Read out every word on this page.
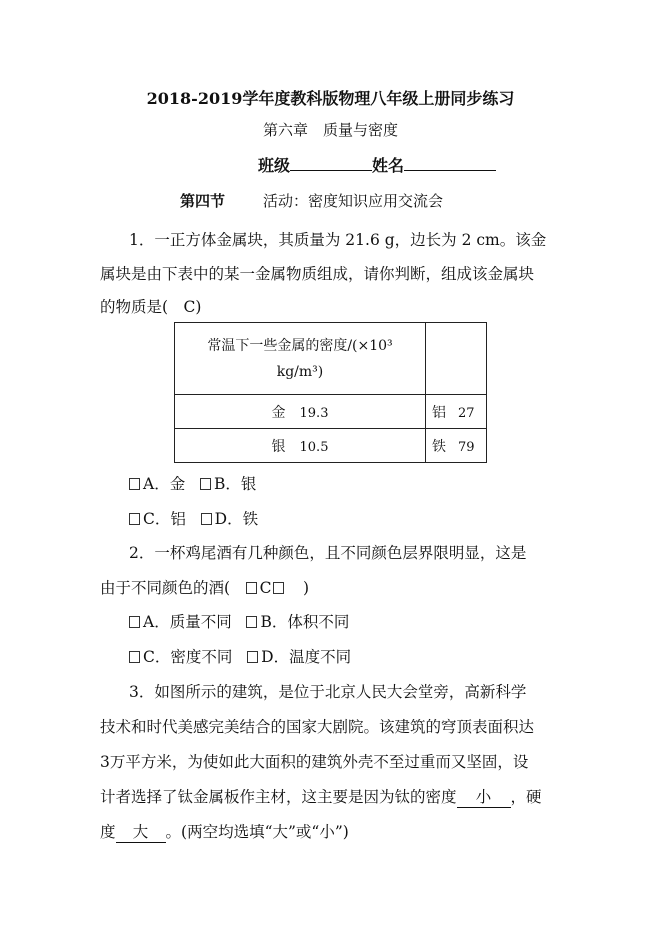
2018-2019学年度教科版物理八年级上册同步练习
第六章　质量与密度
班级	姓名
第四节	活动：密度知识应用交流会
1．一正方体金属块，其质量为 21.6 g，边长为 2 cm。该金
属块是由下表中的某一金属物质组成，请你判断，组成该金属块
的物质是(　C)
常温下一些金属的密度/(×10³
kg/m³)	

金 19.3	铝 27
银 10.5	铁 79
A．金 B．银
C．铝 D．铁
2．一杯鸡尾酒有几种颜色，且不同颜色层界限明显，这是
由于不同颜色的酒(　C　)
A．质量不同 B．体积不同
C．密度不同 D．温度不同
3．如图所示的建筑，是位于北京人民大会堂旁，高新科学
技术和时代美感完美结合的国家大剧院。该建筑的穹顶表面积达
3万平方米，为使如此大面积的建筑外壳不至过重而又坚固，设
计者选择了钛金属板作主材，这主要是因为钛的密度 小 ，硬
度 大 。(两空均选填“大”或“小”)
